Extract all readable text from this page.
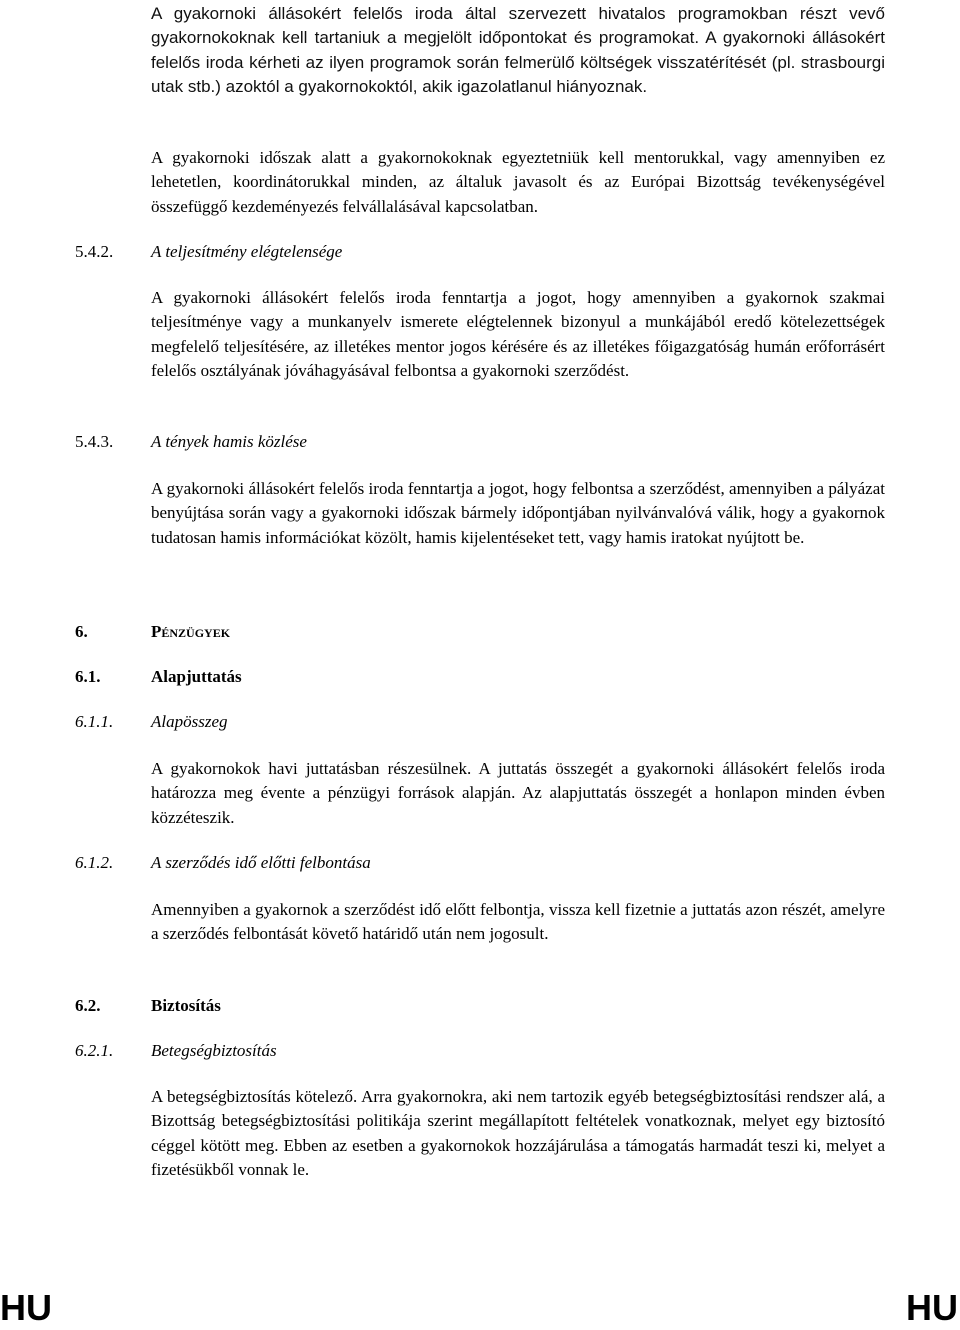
A gyakornoki állásokért felelős iroda által szervezett hivatalos programokban részt vevő gyakornokoknak kell tartaniuk a megjelölt időpontokat és programokat. A gyakornoki állásokért felelős iroda kérheti az ilyen programok során felmerülő költségek visszatérítését (pl. strasbourgi utak stb.) azoktól a gyakornokoktól, akik igazolatlanul hiányoznak.

A gyakornoki időszak alatt a gyakornokoknak egyeztetniük kell mentorukkal, vagy amennyiben ez lehetetlen, koordinátorukkal minden, az általuk javasolt és az Európai Bizottság tevékenységével összefüggő kezdeményezés felvállalásával kapcsolatban.

5.4.2. A teljesítmény elégtelensége

A gyakornoki állásokért felelős iroda fenntartja a jogot, hogy amennyiben a gyakornok szakmai teljesítménye vagy a munkanyelv ismerete elégtelennek bizonyul a munkájából eredő kötelezettségek megfelelő teljesítésére, az illetékes mentor jogos kérésére és az illetékes főigazgatóság humán erőforrásért felelős osztályának jóváhagyásával felbontsa a gyakornoki szerződést.

5.4.3. A tények hamis közlése

A gyakornoki állásokért felelős iroda fenntartja a jogot, hogy felbontsa a szerződést, amennyiben a pályázat benyújtása során vagy a gyakornoki időszak bármely időpontjában nyilvánvalóvá válik, hogy a gyakornok tudatosan hamis információkat közölt, hamis kijelentéseket tett, vagy hamis iratokat nyújtott be.

6.	Pénzügyek
6.1.	Alapjuttatás
6.1.1. Alapösszeg

A gyakornokok havi juttatásban részesülnek. A juttatás összegét a gyakornoki állásokért felelős iroda határozza meg évente a pénzügyi források alapján. Az alapjuttatás összegét a honlapon minden évben közzéteszik.

6.1.2. A szerződés idő előtti felbontása

Amennyiben a gyakornok a szerződést idő előtt felbontja, vissza kell fizetnie a juttatás azon részét, amelyre a szerződés felbontását követő határidő után nem jogosult.

6.2.	Biztosítás
6.2.1. Betegségbiztosítás

A betegségbiztosítás kötelező. Arra gyakornokra, aki nem tartozik egyéb betegségbiztosítási rendszer alá, a Bizottság betegségbiztosítási politikája szerint megállapított feltételek vonatkoznak, melyet egy biztosító céggel kötött meg. Ebben az esetben a gyakornokok hozzájárulása a támogatás harmadát teszi ki, melyet a fizetésükből vonnak le.

HU	HU
